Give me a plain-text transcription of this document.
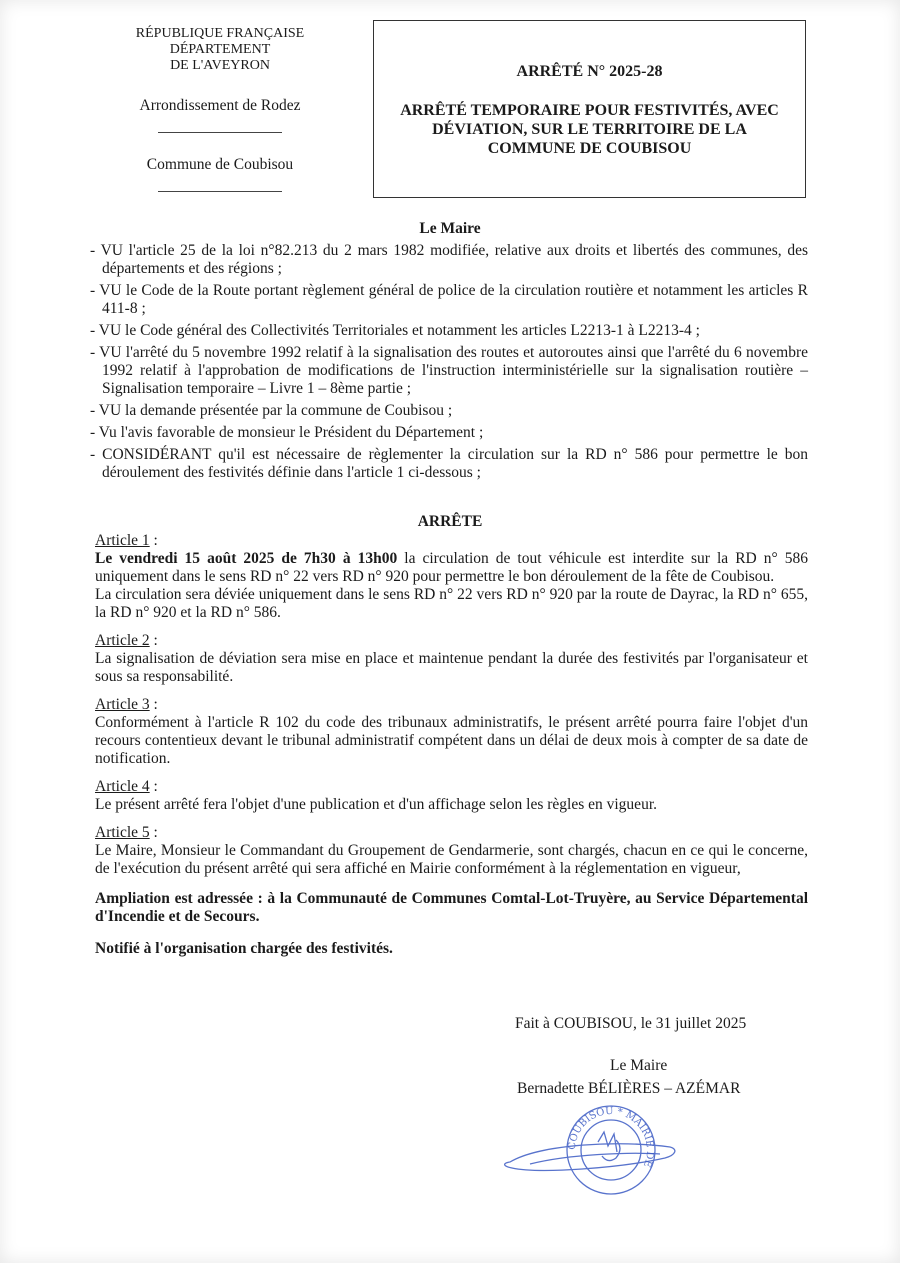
RÉPUBLIQUE FRANÇAISE
DÉPARTEMENT
DE L'AVEYRON
Arrondissement de Rodez
Commune de Coubisou
ARRÊTÉ N° 2025-28
ARRÊTÉ TEMPORAIRE POUR FESTIVITÉS, AVEC DÉVIATION, SUR LE TERRITOIRE DE LA COMMUNE DE COUBISOU
Le Maire
- VU l'article 25 de la loi n°82.213 du 2 mars 1982 modifiée, relative aux droits et libertés des communes, des départements et des régions ;
- VU le Code de la Route portant règlement général de police de la circulation routière et notamment les articles R 411-8 ;
- VU le Code général des Collectivités Territoriales et notamment les articles L2213-1 à L2213-4 ;
- VU l'arrêté du 5 novembre 1992 relatif à la signalisation des routes et autoroutes ainsi que l'arrêté du 6 novembre 1992 relatif à l'approbation de modifications de l'instruction interministérielle sur la signalisation routière – Signalisation temporaire – Livre 1 – 8ème partie ;
- VU la demande présentée par la commune de Coubisou ;
- Vu l'avis favorable de monsieur le Président du Département ;
- CONSIDÉRANT qu'il est nécessaire de règlementer la circulation sur la RD n° 586 pour permettre le bon déroulement des festivités définie dans l'article 1 ci-dessous ;
ARRÊTE
Article 1 :

Le vendredi 15 août 2025 de 7h30 à 13h00 la circulation de tout véhicule est interdite sur la RD n° 586 uniquement dans le sens RD n° 22 vers RD n° 920 pour permettre le bon déroulement de la fête de Coubisou.

La circulation sera déviée uniquement dans le sens RD n° 22 vers RD n° 920 par la route de Dayrac, la RD n° 655, la RD n° 920 et la RD n° 586.

Article 2 :

La signalisation de déviation sera mise en place et maintenue pendant la durée des festivités par l'organisateur et sous sa responsabilité.

Article 3 :

Conformément à l'article R 102 du code des tribunaux administratifs, le présent arrêté pourra faire l'objet d'un recours contentieux devant le tribunal administratif compétent dans un délai de deux mois à compter de sa date de notification.

Article 4 :

Le présent arrêté fera l'objet d'une publication et d'un affichage selon les règles en vigueur.

Article 5 :

Le Maire, Monsieur le Commandant du Groupement de Gendarmerie, sont chargés, chacun en ce qui le concerne, de l'exécution du présent arrêté qui sera affiché en Mairie conformément à la réglementation en vigueur,

Ampliation est adressée : à la Communauté de Communes Comtal-Lot-Truyère, au Service Départemental d'Incendie et de Secours.
Notifié à l'organisation chargée des festivités.
Fait à COUBISOU, le 31 juillet 2025
Le Maire
Bernadette BÉLIÈRES – AZÉMAR
COUBISOU * MAIRIE DE
